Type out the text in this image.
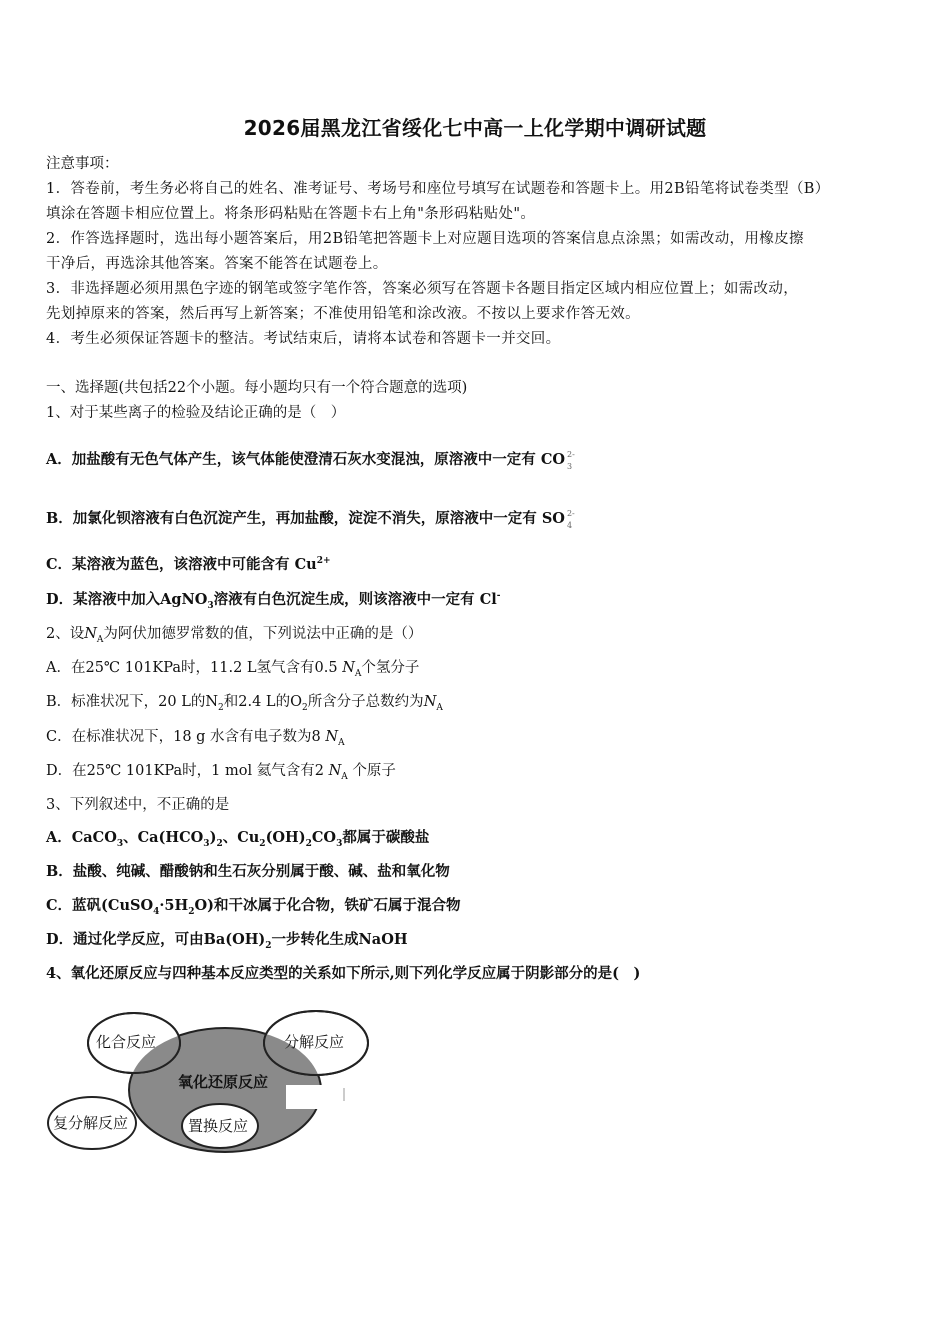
2026届黑龙江省绥化七中高一上化学期中调研试题
注意事项：
1．答卷前，考生务必将自己的姓名、准考证号、考场号和座位号填写在试题卷和答题卡上。用2B铅笔将试卷类型（B）
填涂在答题卡相应位置上。将条形码粘贴在答题卡右上角"条形码粘贴处"。
2．作答选择题时，选出每小题答案后，用2B铅笔把答题卡上对应题目选项的答案信息点涂黑；如需改动，用橡皮擦
干净后，再选涂其他答案。答案不能答在试题卷上。
3．非选择题必须用黑色字迹的钢笔或签字笔作答，答案必须写在答题卡各题目指定区域内相应位置上；如需改动，
先划掉原来的答案，然后再写上新答案；不准使用铅笔和涂改液。不按以上要求作答无效。
4．考生必须保证答题卡的整洁。考试结束后，请将本试卷和答题卡一并交回。
一、选择题(共包括22个小题。每小题均只有一个符合题意的选项)
1、对于某些离子的检验及结论正确的是（　）
A．加盐酸有无色气体产生，该气体能使澄清石灰水变混浊，原溶液中一定有 CO 2-
3
B．加氯化钡溶液有白色沉淀产生，再加盐酸，淀淀不消失，原溶液中一定有 SO 2-
4
C．某溶液为蓝色，该溶液中可能含有 $Cu^{2+}$
D．某溶液中加入AgNO$_3$溶液有白色沉淀生成，则该溶液中一定有 Cl-
2、设$N_A$为阿伏加德罗常数的值，下列说法中正确的是（）
A．在25℃ 101KPa时，11.2 L氢气含有0.5 $N_A$个氢分子
B．标准状况下，20 L的$N_2$和2.4 L的$O_2$所含分子总数约为$N_A$
C．在标准状况下，18 g 水含有电子数为8 $N_A$
D．在25℃ 101KPa时，1 mol 氦气含有2 $N_A$ 个原子
3、下列叙述中，不正确的是
A．CaCO$_3$、$Ca(HCO_3)_2$、$Cu_2(OH)_2CO_3$都属于碳酸盐
B．盐酸、纯碱、醋酸钠和生石灰分别属于酸、碱、盐和氧化物
C．蓝矾$(CuSO_4\cdot 5H_2O)$和干冰属于化合物，铁矿石属于混合物
D．通过化学反应，可由$Ba(OH)_2$一步转化生成NaOH
4、氧化还原反应与四种基本反应类型的关系如下所示,则下列化学反应属于阴影部分的是(　)
化合反应	分解反应
氧化还原反应
复分解反应	置换反应
